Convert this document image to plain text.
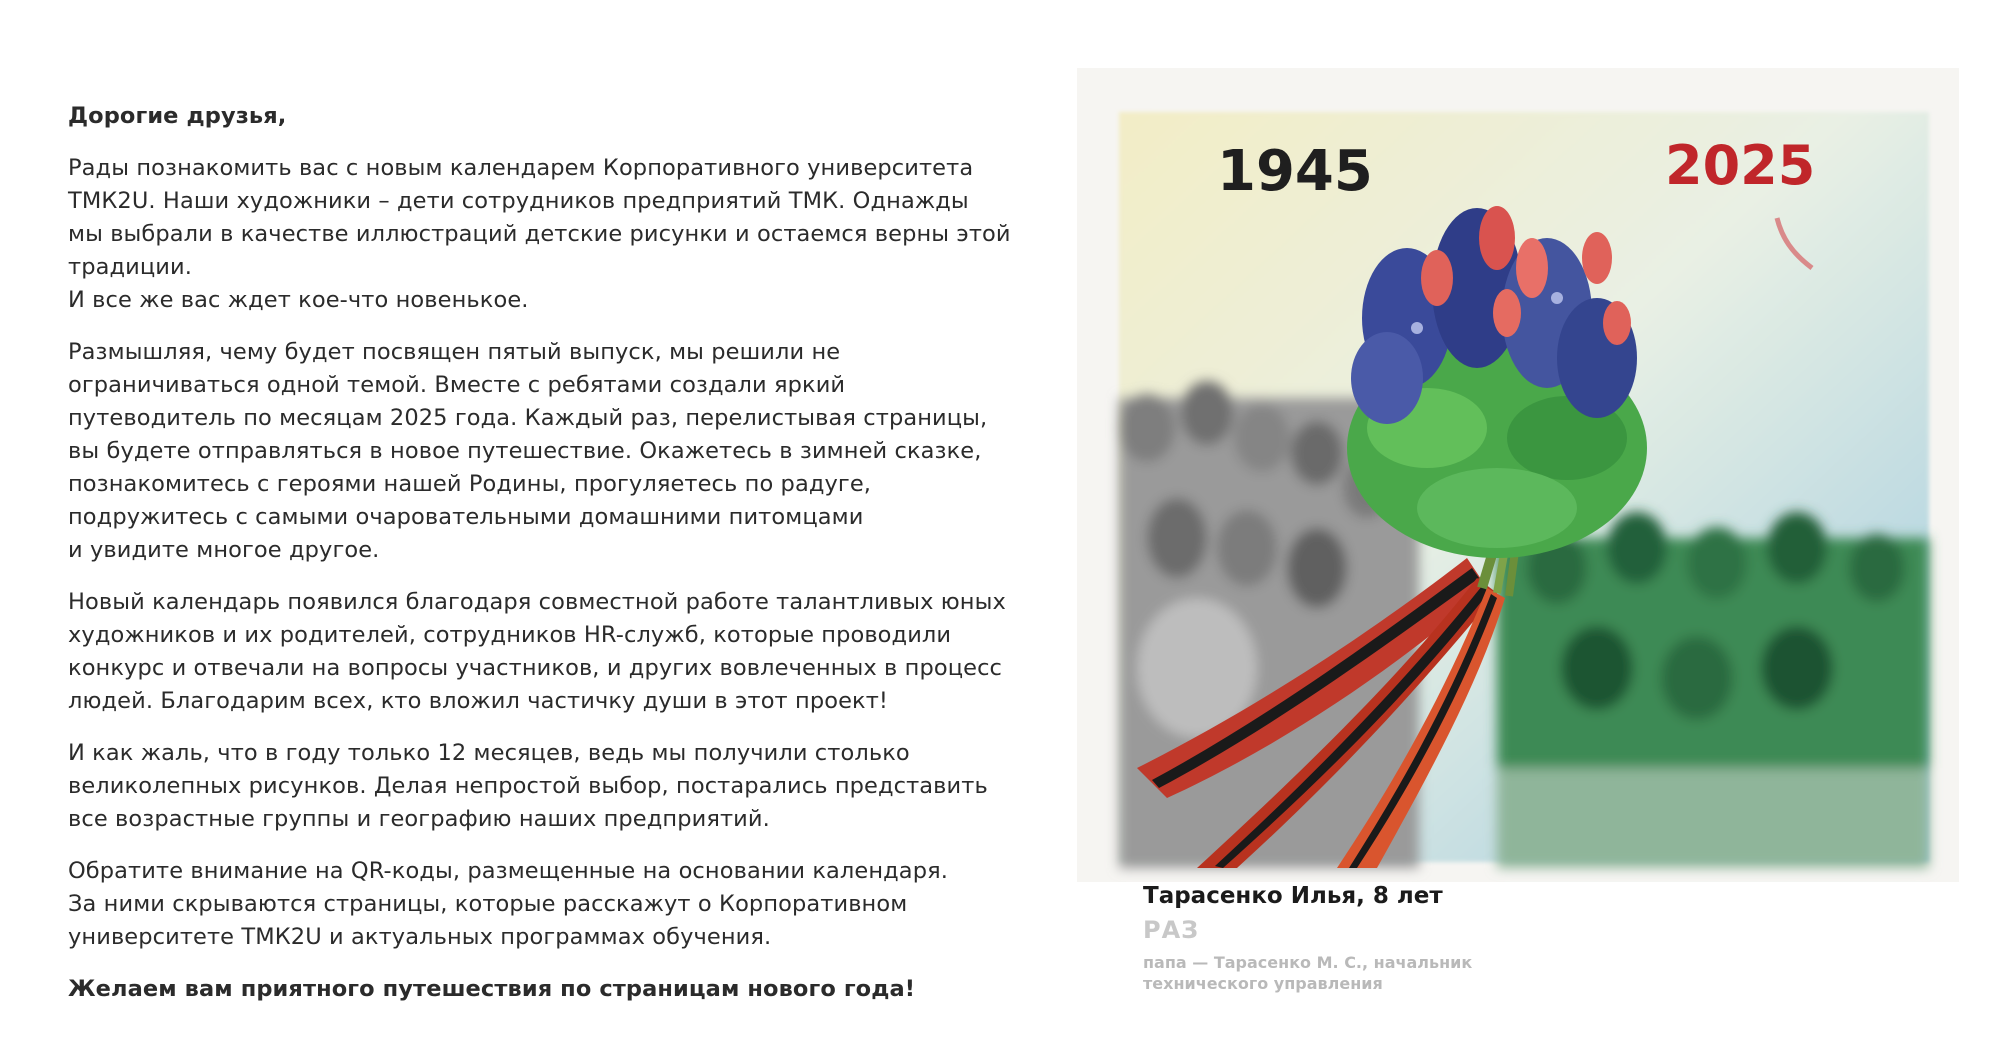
Дорогие друзья,

Рады познакомить вас с новым календарем Корпоративного университета
ТМК2U. Наши художники – дети сотрудников предприятий ТМК. Однажды
мы выбрали в качестве иллюстраций детские рисунки и остаемся верны этой
традиции.
И все же вас ждет кое-что новенькое.

Размышляя, чему будет посвящен пятый выпуск, мы решили не
ограничиваться одной темой. Вместе с ребятами создали яркий
путеводитель по месяцам 2025 года. Каждый раз, перелистывая страницы,
вы будете отправляться в новое путешествие. Окажетесь в зимней сказке,
познакомитесь с героями нашей Родины, прогуляетесь по радуге,
подружитесь с самыми очаровательными домашними питомцами
и увидите многое другое.

Новый календарь появился благодаря совместной работе талантливых юных
художников и их родителей, сотрудников HR-служб, которые проводили
конкурс и отвечали на вопросы участников, и других вовлеченных в процесс
людей. Благодарим всех, кто вложил частичку души в этот проект!

И как жаль, что в году только 12 месяцев, ведь мы получили столько
великолепных рисунков. Делая непростой выбор, постарались представить
все возрастные группы и географию наших предприятий.

Обратите внимание на QR-коды, размещенные на основании календаря.
За ними скрываются страницы, которые расскажут о Корпоративном
университете ТМК2U и актуальных программах обучения.

Желаем вам приятного путешествия по страницам нового года!

1945	2025
Тарасенко Илья, 8 лет
РАЗ
папа — Тарасенко М. С., начальник
технического управления
